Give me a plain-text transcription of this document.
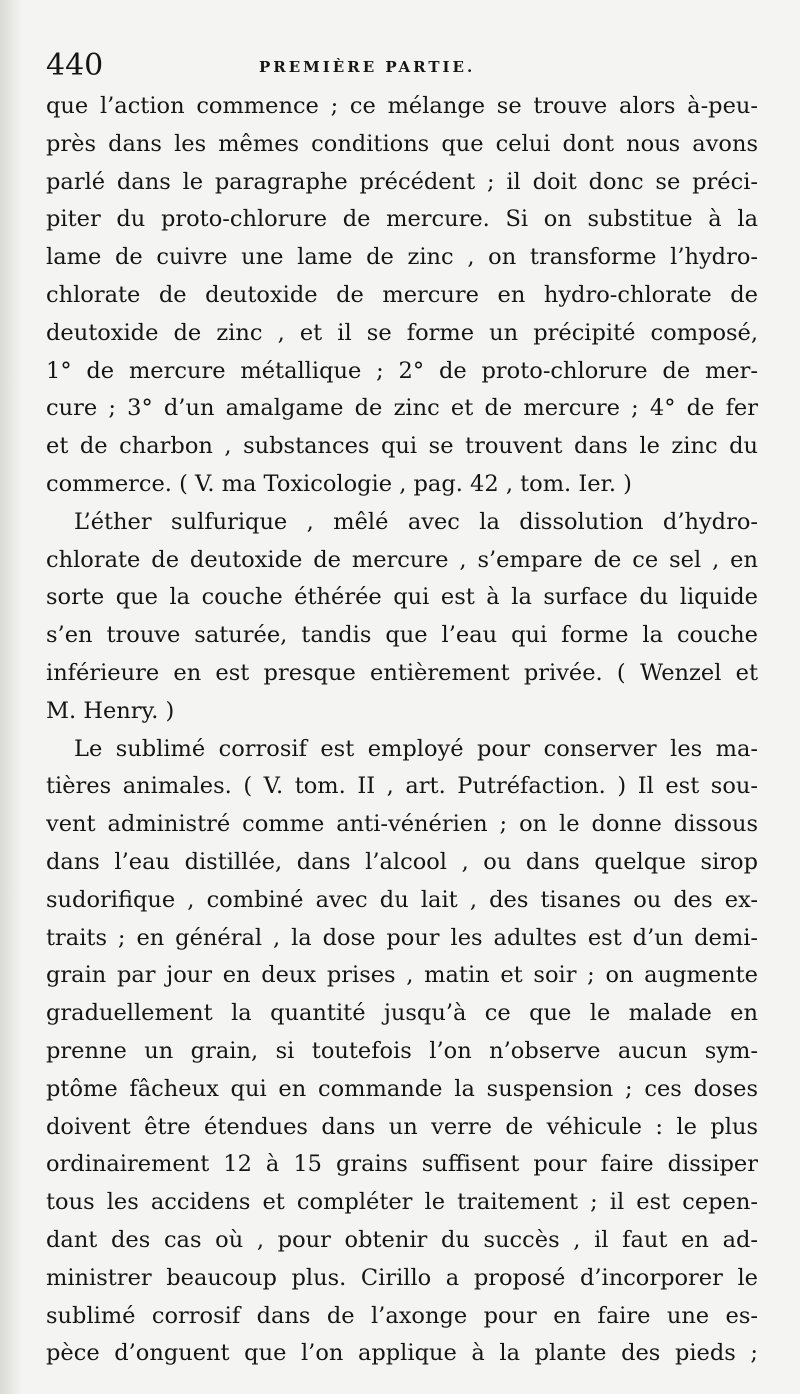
440	PREMIÈRE PARTIE.
que l’action commence ; ce mélange se trouve alors à-peu-
près dans les mêmes conditions que celui dont nous avons
parlé dans le paragraphe précédent ; il doit donc se préci-
piter du proto-chlorure de mercure. Si on substitue à la
lame de cuivre une lame de zinc , on transforme l’hydro-
chlorate de deutoxide de mercure en hydro-chlorate de
deutoxide de zinc , et il se forme un précipité composé,
1° de mercure métallique ; 2° de proto-chlorure de mer-
cure ; 3° d’un amalgame de zinc et de mercure ; 4° de fer
et de charbon , substances qui se trouvent dans le zinc du
commerce. ( V. ma Toxicologie , pag. 42 , tom. Ier. )
L’éther sulfurique , mêlé avec la dissolution d’hydro-
chlorate de deutoxide de mercure , s’empare de ce sel , en
sorte que la couche éthérée qui est à la surface du liquide
s’en trouve saturée, tandis que l’eau qui forme la couche
inférieure en est presque entièrement privée. ( Wenzel et
M. Henry. )
Le sublimé corrosif est employé pour conserver les ma-
tières animales. ( V. tom. II , art. Putréfaction. ) Il est sou-
vent administré comme anti-vénérien ; on le donne dissous
dans l’eau distillée, dans l’alcool , ou dans quelque sirop
sudorifique , combiné avec du lait , des tisanes ou des ex-
traits ; en général , la dose pour les adultes est d’un demi-
grain par jour en deux prises , matin et soir ; on augmente
graduellement la quantité jusqu’à ce que le malade en
prenne un grain, si toutefois l’on n’observe aucun sym-
ptôme fâcheux qui en commande la suspension ; ces doses
doivent être étendues dans un verre de véhicule : le plus
ordinairement 12 à 15 grains suffisent pour faire dissiper
tous les accidens et compléter le traitement ; il est cepen-
dant des cas où , pour obtenir du succès , il faut en ad-
ministrer beaucoup plus. Cirillo a proposé d’incorporer le
sublimé corrosif dans de l’axonge pour en faire une es-
pèce d’onguent que l’on applique à la plante des pieds ;
